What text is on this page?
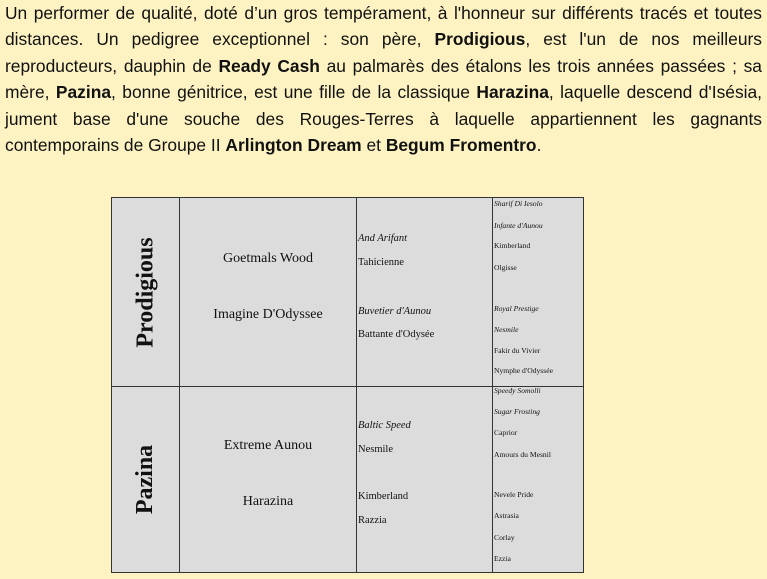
Un performer de qualité, doté d’un gros tempérament, à l'honneur sur différents tracés et toutes distances. Un pedigree exceptionnel : son père, Prodigious, est l'un de nos meilleurs reproducteurs, dauphin de Ready Cash au palmarès des étalons les trois années passées ; sa mère, Pazina, bonne génitrice, est une fille de la classique Harazina, laquelle descend d'Isésia, jument base d'une souche des Rouges-Terres à laquelle appartiennent les gagnants contemporains de Groupe II Arlington Dream et Begum Fromentro.
Prodigious
Pazina
Goetmals Wood
Imagine D'Odyssee
Extreme Aunou
Harazina
And Arifant
Tahicienne
Buvetier d'Aunou
Battante d'Odysée
Baltic Speed
Nesmile
Kimberland
Razzia
Sharif Di Iesolo
Infante d'Aunou
Kimberland
Olgisse
Royal Prestige
Nesmile
Fakir du Vivier
Nymphe d'Odyssée
Speedy Somolli
Sugar Frosting
Caprior
Amours du Mesnil
Nevele Pride
Astrasia
Corlay
Ezzia
